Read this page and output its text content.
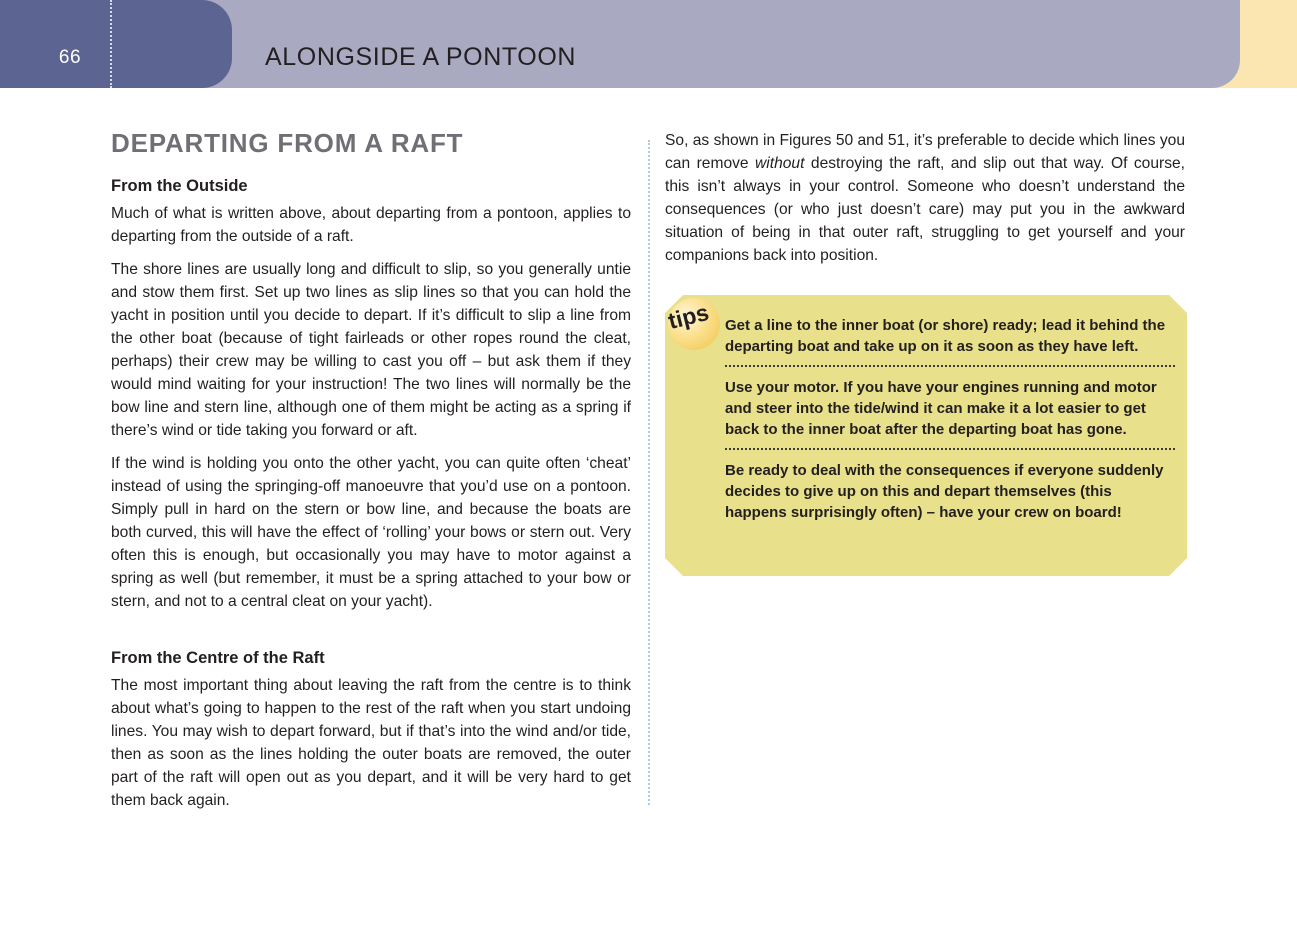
66	ALONGSIDE A PONTOON
DEPARTING FROM A RAFT
From the Outside

Much of what is written above, about departing from a pontoon, applies to departing from the outside of a raft.

The shore lines are usually long and difficult to slip, so you generally untie and stow them first. Set up two lines as slip lines so that you can hold the yacht in position until you decide to depart. If it’s difficult to slip a line from the other boat (because of tight fairleads or other ropes round the cleat, perhaps) their crew may be willing to cast you off – but ask them if they would mind waiting for your instruction! The two lines will normally be the bow line and stern line, although one of them might be acting as a spring if there’s wind or tide taking you forward or aft.

If the wind is holding you onto the other yacht, you can quite often ‘cheat’ instead of using the springing-off manoeuvre that you’d use on a pontoon. Simply pull in hard on the stern or bow line, and because the boats are both curved, this will have the effect of ‘rolling’ your bows or stern out. Very often this is enough, but occasionally you may have to motor against a spring as well (but remember, it must be a spring attached to your bow or stern, and not to a central cleat on your yacht).

From the Centre of the Raft

The most important thing about leaving the raft from the centre is to think about what’s going to happen to the rest of the raft when you start undoing lines. You may wish to depart forward, but if that’s into the wind and/or tide, then as soon as the lines holding the outer boats are removed, the outer part of the raft will open out as you depart, and it will be very hard to get them back again.

So, as shown in Figures 50 and 51, it’s preferable to decide which lines you can remove without destroying the raft, and slip out that way. Of course, this isn’t always in your control. Someone who doesn’t understand the consequences (or who just doesn’t care) may put you in the awkward situation of being in that outer raft, struggling to get yourself and your companions back into position.

tips Get a line to the inner boat (or shore) ready; lead it behind the departing boat and take up on it as soon as they have left.
Use your motor. If you have your engines running and motor and steer into the tide/wind it can make it a lot easier to get back to the inner boat after the departing boat has gone.
Be ready to deal with the consequences if everyone suddenly decides to give up on this and depart themselves (this happens surprisingly often) – have your crew on board!
